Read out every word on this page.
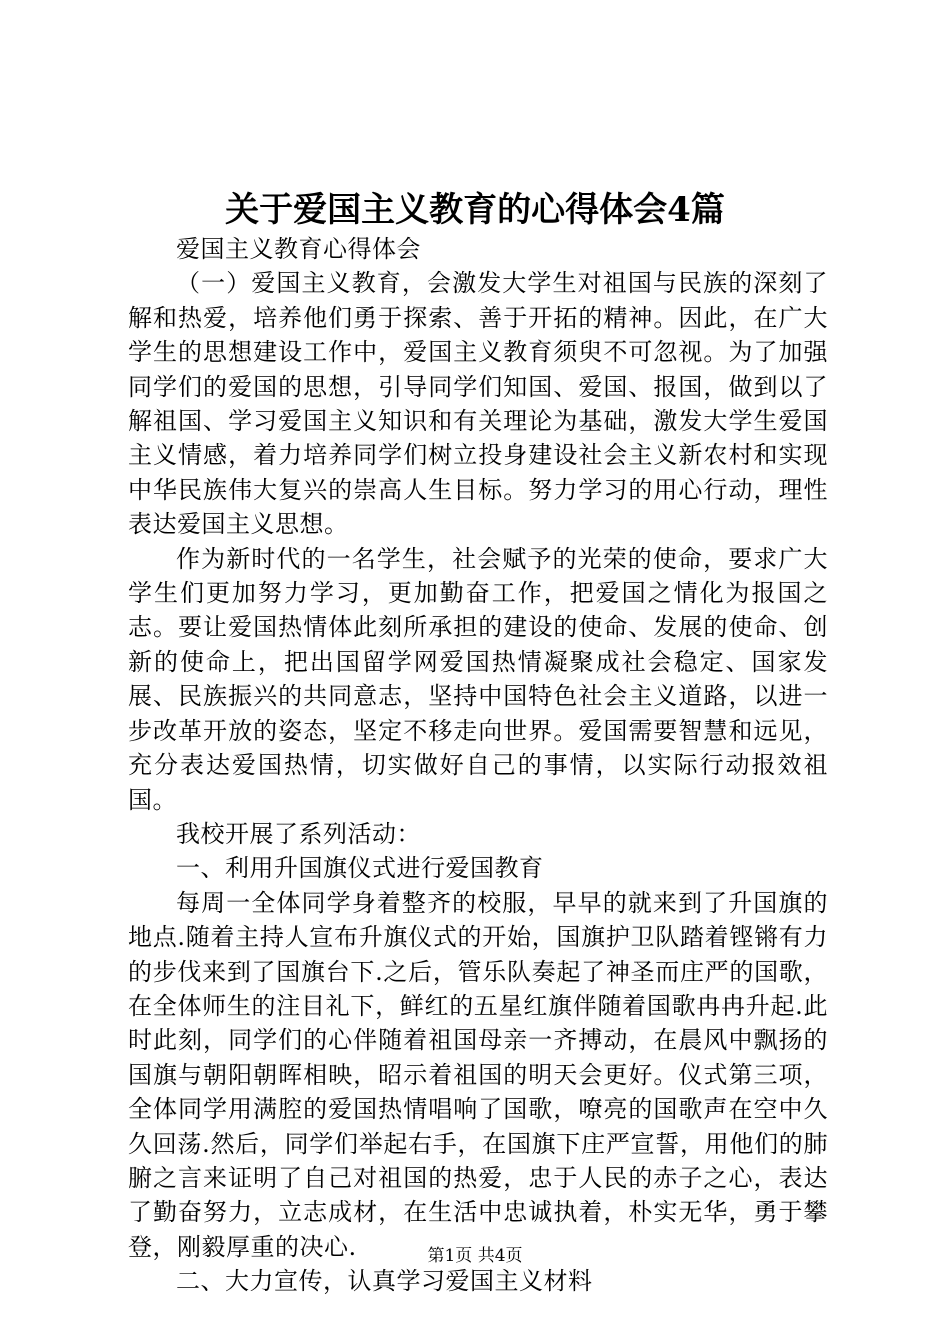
关于爱国主义教育的心得体会4篇

爱国主义教育心得体会

（一）爱国主义教育，会激发大学生对祖国与民族的深刻了解和热爱，培养他们勇于探索、善于开拓的精神。因此，在广大学生的思想建设工作中，爱国主义教育须臾不可忽视。为了加强同学们的爱国的思想，引导同学们知国、爱国、报国，做到以了解祖国、学习爱国主义知识和有关理论为基础，激发大学生爱国主义情感，着力培养同学们树立投身建设社会主义新农村和实现中华民族伟大复兴的崇高人生目标。努力学习的用心行动，理性表达爱国主义思想。

作为新时代的一名学生，社会赋予的光荣的使命，要求广大学生们更加努力学习，更加勤奋工作，把爱国之情化为报国之志。要让爱国热情体此刻所承担的建设的使命、发展的使命、创新的使命上，把出国留学网爱国热情凝聚成社会稳定、国家发展、民族振兴的共同意志，坚持中国特色社会主义道路，以进一步改革开放的姿态，坚定不移走向世界。爱国需要智慧和远见，充分表达爱国热情，切实做好自己的事情，以实际行动报效祖国。

我校开展了系列活动：

一、利用升国旗仪式进行爱国教育

每周一全体同学身着整齐的校服，早早的就来到了升国旗的地点.随着主持人宣布升旗仪式的开始，国旗护卫队踏着铿锵有力的步伐来到了国旗台下.之后，管乐队奏起了神圣而庄严的国歌，在全体师生的注目礼下，鲜红的五星红旗伴随着国歌冉冉升起.此时此刻，同学们的心伴随着祖国母亲一齐搏动，在晨风中飘扬的国旗与朝阳朝晖相映，昭示着祖国的明天会更好。仪式第三项，全体同学用满腔的爱国热情唱响了国歌，嘹亮的国歌声在空中久久回荡.然后，同学们举起右手，在国旗下庄严宣誓，用他们的肺腑之言来证明了自己对祖国的热爱，忠于人民的赤子之心，表达了勤奋努力，立志成材，在生活中忠诚执着，朴实无华，勇于攀登，刚毅厚重的决心.

二、大力宣传，认真学习爱国主义材料

第1页 共4页
